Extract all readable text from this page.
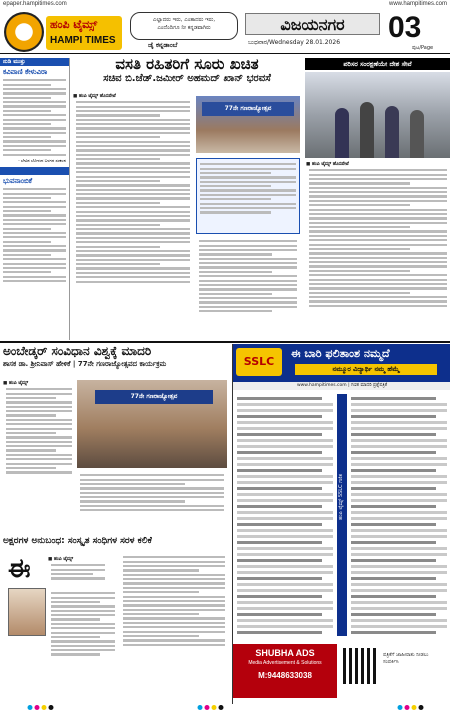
epaper.hampitimes.com	www.hampitimes.com
ಹಂಪಿ ಟೈಮ್ಸ್
HAMPI TIMES
ಎಲ್ಲಾದರು ಇರು, ಎಂತಾದರು ಇರು,
ಎಂದೆಂದಿಗೂ ನೀ ಕನ್ನಡವಾಗಿರು
ಜೈ ಕನ್ನಡಾಂಬೆ
ವಿಜಯನಗರ
ಬುಧವಾರ/Wednesday 28.01.2026 03
ಪುಟ/Page
ನುಡಿ ಮುತ್ತು
ಕವಿವಾಣಿ ಕೇಳುವಿರಾ
- ಬೇವಿನ ಬೋಳುನ ಬಳಗದ ಸಂಕಲನ
ಭುವನಾಂಬಿಕೆ
ವಸತಿ ರಹಿತರಿಗೆ ಸೂರು ಖಚಿತ
ಸಚಿವ ಬಿ.ಜೆಡ್.ಜಮೀರ್ ಅಹಮದ್ ಖಾನ್ ಭರವಸೆ
■ ಹಂಪಿ ಟೈಮ್ಸ್ ಹೊಸಪೇಟೆ
77ನೇ ಗಣರಾಜ್ಯೋತ್ಸವ
ಪರಿಸರ ಸಂರಕ್ಷಣೆಯೇ ದೇಶ ಸೇವೆ
■ ಹಂಪಿ ಟೈಮ್ಸ್ ಹೊಸಪೇಟೆ
ಅಂಬೇಡ್ಕರ್ ಸಂವಿಧಾನ ವಿಶ್ವಕ್ಕೆ ಮಾದರಿ
ಶಾಸಕ ಡಾ. ಶ್ರೀನಿವಾಸ್ ಹೇಳಿಕೆ | 77ನೇ ಗಣರಾಜ್ಯೋತ್ಸವದ ಕಾರ್ಯಕ್ರಮ
■ ಹಂಪಿ ಟೈಮ್ಸ್
77ನೇ ಗಣರಾಜ್ಯೋತ್ಸವ
ಅಕ್ಷರಗಳ ಅನುಬಂಧ: ಸಂಸ್ಕೃತ ಸಂಧಿಗಳ ಸರಳ ಕಲಿಕೆ
ಈ	■ ಹಂಪಿ ಟೈಮ್ಸ್
SSLC
ಈ ಬಾರಿ ಫಲಿತಾಂಶ ನಮ್ಮದೆ
ನಮ್ಮೂರ ವಿದ್ಯಾರ್ಥಿ ನಮ್ಮ ಹೆಮ್ಮೆ
www.hampitimes.com | ಗಣಿತ ಮಾದರಿ ಪ್ರಶ್ನೆಪತ್ರಿಕೆ
ಹಂಪಿ ಟೈಮ್ಸ್ SSLC ಗಣಿತ
SHUBHA ADS
Media Advertisement & Solutions
M:9448633038
ಪತ್ರಿಕೆಗೆ ಜಾಹೀರಾತು ನೀಡಲು ಸಂಪರ್ಕಿಸಿ
